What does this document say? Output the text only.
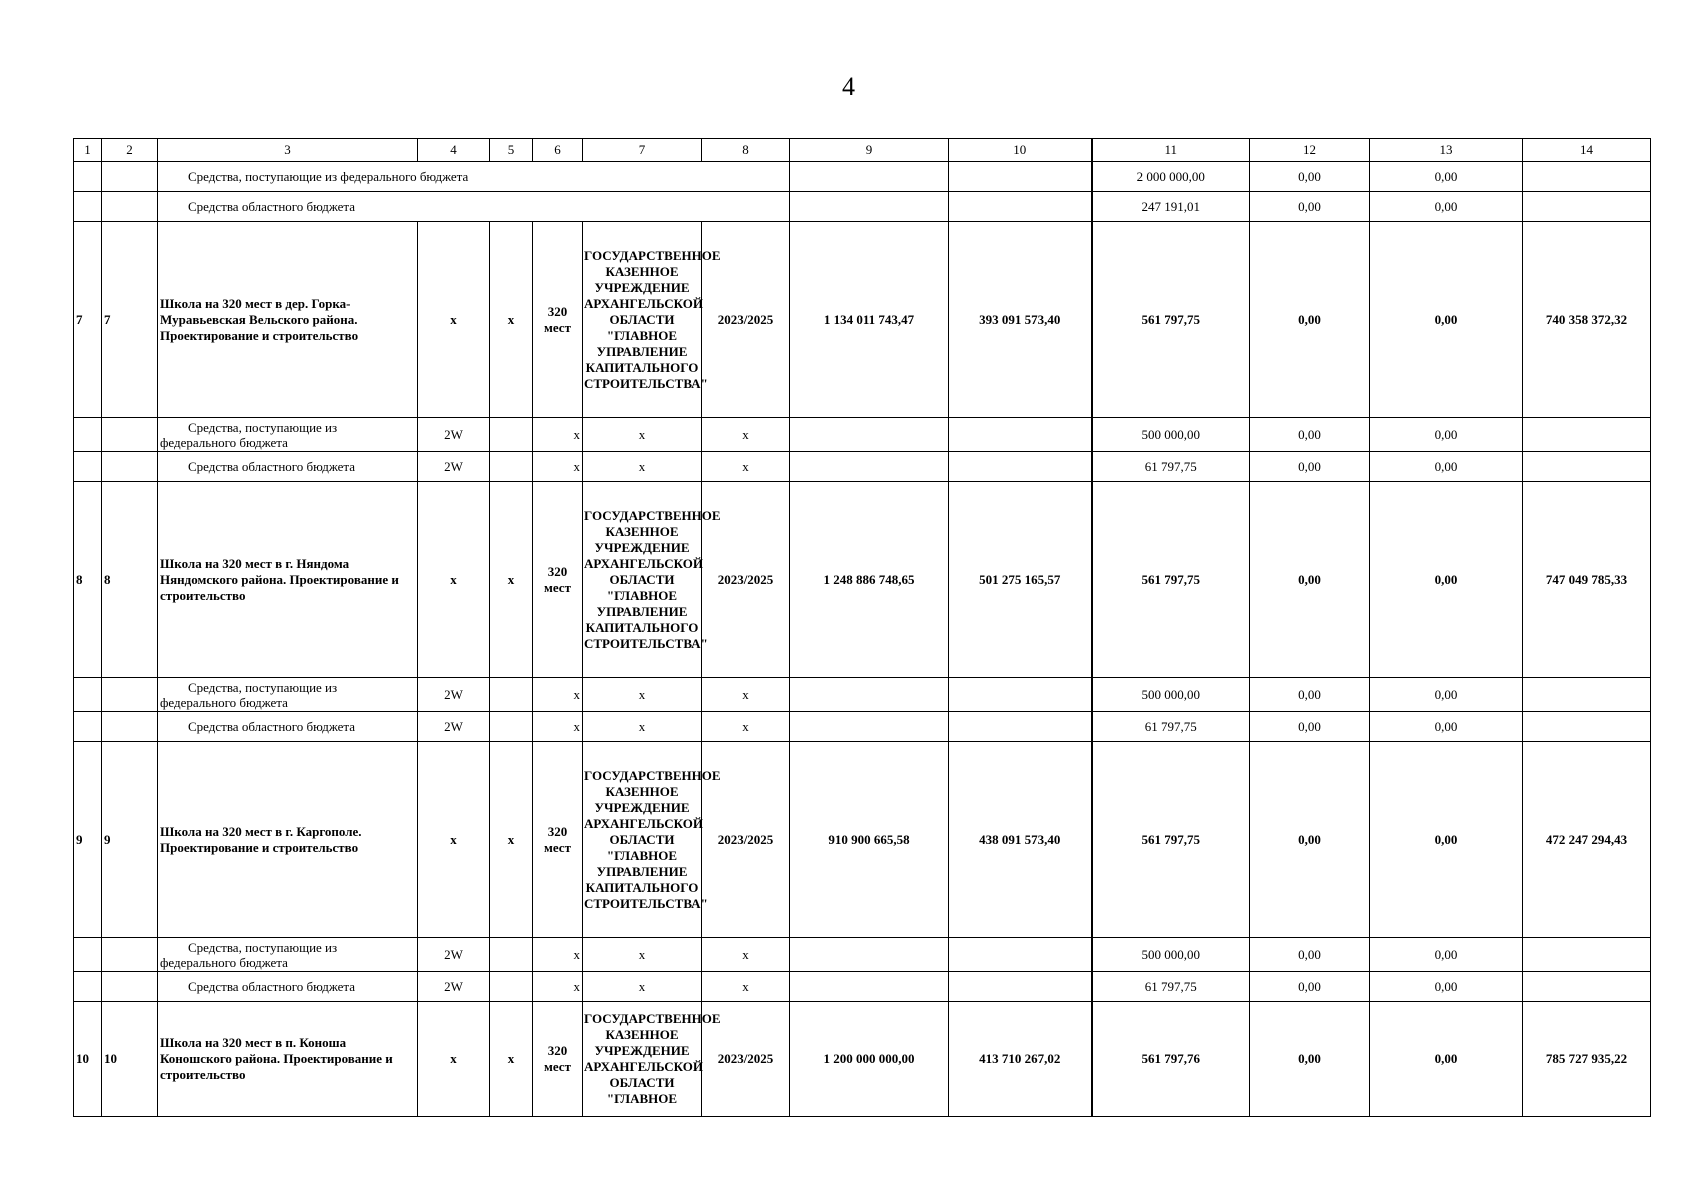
4
1	2	3	4	5	6	7	8	9	10	11	12	13	14
		Средства, поступающие из федерального бюджета								2 000 000,00	0,00	0,00	
		Средства областного бюджета								247 191,01	0,00	0,00	
7	7	Школа на 320 мест в дер. Горка-Муравьевская Вельского района. Проектирование и строительство	х	х	320 мест	ГОСУДАРСТВЕННОЕ КАЗЕННОЕ УЧРЕЖДЕНИЕ АРХАНГЕЛЬСКОЙ ОБЛАСТИ "ГЛАВНОЕ УПРАВЛЕНИЕ КАПИТАЛЬНОГО СТРОИТЕЛЬСТВА"	2023/2025	1 134 011 743,47	393 091 573,40	561 797,75	0,00	0,00	740 358 372,32
		Средства, поступающие из федерального бюджета	2W		х	х	х			500 000,00	0,00	0,00	
		Средства областного бюджета	2W		х	х	х			61 797,75	0,00	0,00	
8	8	Школа на 320 мест в г. Няндома Няндомского района. Проектирование и строительство	х	х	320 мест	ГОСУДАРСТВЕННОЕ КАЗЕННОЕ УЧРЕЖДЕНИЕ АРХАНГЕЛЬСКОЙ ОБЛАСТИ "ГЛАВНОЕ УПРАВЛЕНИЕ КАПИТАЛЬНОГО СТРОИТЕЛЬСТВА"	2023/2025	1 248 886 748,65	501 275 165,57	561 797,75	0,00	0,00	747 049 785,33
		Средства, поступающие из федерального бюджета	2W		х	х	х			500 000,00	0,00	0,00	
		Средства областного бюджета	2W		х	х	х			61 797,75	0,00	0,00	
9	9	Школа на 320 мест в г. Каргополе. Проектирование и строительство	х	х	320 мест	ГОСУДАРСТВЕННОЕ КАЗЕННОЕ УЧРЕЖДЕНИЕ АРХАНГЕЛЬСКОЙ ОБЛАСТИ "ГЛАВНОЕ УПРАВЛЕНИЕ КАПИТАЛЬНОГО СТРОИТЕЛЬСТВА"	2023/2025	910 900 665,58	438 091 573,40	561 797,75	0,00	0,00	472 247 294,43
		Средства, поступающие из федерального бюджета	2W		х	х	х			500 000,00	0,00	0,00	
		Средства областного бюджета	2W		х	х	х			61 797,75	0,00	0,00	
10	10	Школа на 320 мест в п. Коноша Коношского района. Проектирование и строительство	х	х	320 мест	ГОСУДАРСТВЕННОЕ КАЗЕННОЕ УЧРЕЖДЕНИЕ АРХАНГЕЛЬСКОЙ ОБЛАСТИ "ГЛАВНОЕ	2023/2025	1 200 000 000,00	413 710 267,02	561 797,76	0,00	0,00	785 727 935,22
